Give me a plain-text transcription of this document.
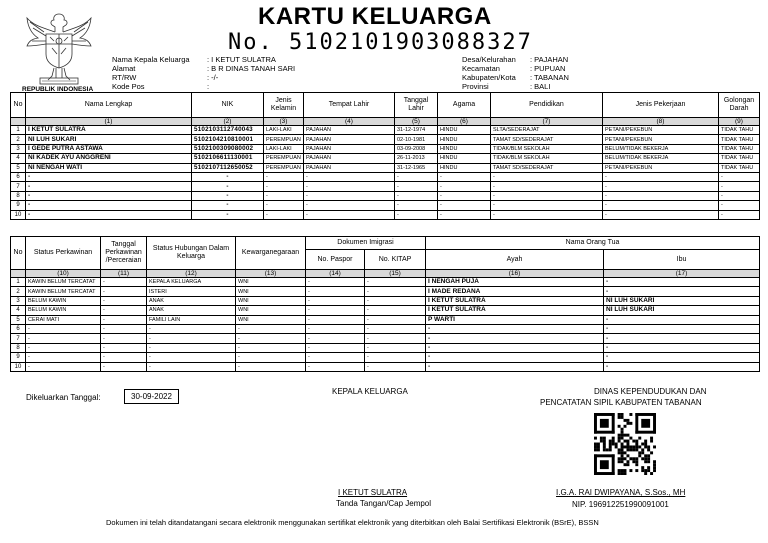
REPUBLIK INDONESIA
KARTU KELUARGA
No. 5102101903088327
Nama Kepala Keluarga : I KETUT SULATRA
Alamat	: B R DINAS TANAH SARI
RT/RW	: -/-
Kode Pos	:
Desa/Kelurahan : PAJAHAN
Kecamatan	: PUPUAN
Kabupaten/Kota : TABANAN
Provinsi	: BALI
No	Nama Lengkap	NIK	Jenis Kelamin	Tempat Lahir	Tanggal Lahir	Agama	Pendidikan	Jenis Pekerjaan	Golongan Darah
	(1)	(2)	(3)	(4)	(5)	(6)	(7)	(8)	(9)
1	I KETUT SULATRA	5102103112740043	LAKI-LAKI	PAJAHAN	31-12-1974	HINDU	SLTA/SEDERAJAT	PETANI/PEKEBUN	TIDAK TAHU
2	NI LUH SUKARI	5102104210810001	PEREMPUAN	PAJAHAN	02-10-1981	HINDU	TAMAT SD/SEDERAJAT	PETANI/PEKEBUN	TIDAK TAHU
3	I GEDE PUTRA ASTAWA	5102100309080002	LAKI-LAKI	PAJAHAN	03-09-2008	HINDU	TIDAK/BLM SEKOLAH	BELUM/TIDAK BEKERJA	TIDAK TAHU
4	NI KADEK AYU ANGGRENI	5102106611130001	PEREMPUAN	PAJAHAN	26-11-2013	HINDU	TIDAK/BLM SEKOLAH	BELUM/TIDAK BEKERJA	TIDAK TAHU
5	NI NENGAH WATI	5102107112650052	PEREMPUAN	PAJAHAN	31-12-1965	HINDU	TAMAT SD/SEDERAJAT	PETANI/PEKEBUN	TIDAK TAHU
6	-	-	-	-	-	-	-	-	-
7	-	-	-	-	-	-	-	-	-
8	-	-	-	-	-	-	-	-	-
9	-	-	-	-	-	-	-	-	-
10	-	-	-	-	-	-	-	-	-
No	Status Perkawinan	Tanggal Perkawinan /Perceraian	Status Hubungan Dalam Keluarga	Kewarganegaraan	Dokumen Imigrasi		Nama Orang Tua	
					No. Paspor	No. KITAP	Ayah	Ibu
	(10)	(11)	(12)	(13)	(14)	(15)	(16)	(17)
1	KAWIN BELUM TERCATAT	-	KEPALA KELUARGA	WNI	-	-	I NENGAH PUJA	-
2	KAWIN BELUM TERCATAT	-	ISTERI	WNI	-	-	I MADE REDANA	-
3	BELUM KAWIN	-	ANAK	WNI	-	-	I KETUT SULATRA	NI LUH SUKARI
4	BELUM KAWIN	-	ANAK	WNI	-	-	I KETUT SULATRA	NI LUH SUKARI
5	CERAI MATI	-	FAMILI LAIN	WNI	-	-	P WARTI	-
6	-	-	-	-	-	-	-	-
7	-	-	-	-	-	-	-	-
8	-	-	-	-	-	-	-	-
9	-	-	-	-	-	-	-	-
10	-	-	-	-	-	-	-	-
Dikeluarkan Tanggal:	30-09-2022
KEPALA KELUARGA	DINAS KEPENDUDUKAN DAN
PENCATATAN SIPIL KABUPATEN TABANAN
I KETUT SULATRA
Tanda Tangan/Cap Jempol
I.G.A. RAI DWIPAYANA, S.Sos., MH
NIP. 196912251990091001
Dokumen ini telah ditandatangani secara elektronik menggunakan sertifikat elektronik yang diterbitkan oleh Balai Sertifikasi Elektronik (BSrE), BSSN
